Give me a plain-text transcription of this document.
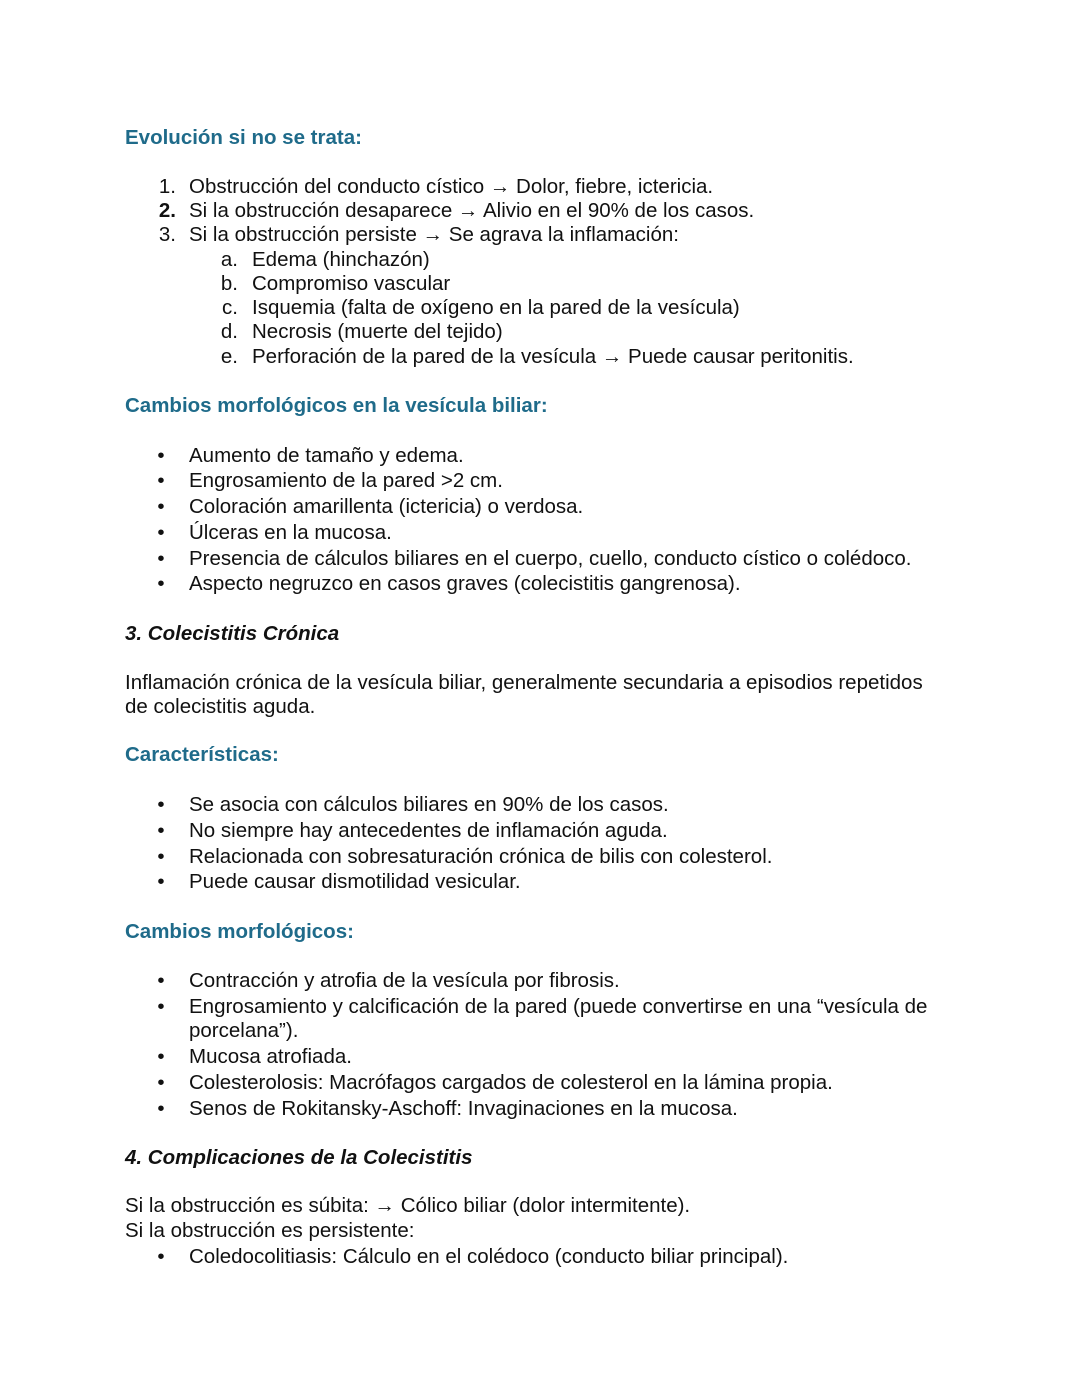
Evolución si no se trata:
1. Obstrucción del conducto cístico → Dolor, fiebre, ictericia.
2. Si la obstrucción desaparece → Alivio en el 90% de los casos.
3. Si la obstrucción persiste → Se agrava la inflamación:
a. Edema (hinchazón)
b. Compromiso vascular
c. Isquemia (falta de oxígeno en la pared de la vesícula)
d. Necrosis (muerte del tejido)
e. Perforación de la pared de la vesícula → Puede causar peritonitis.
Cambios morfológicos en la vesícula biliar:
• Aumento de tamaño y edema.
• Engrosamiento de la pared >2 cm.
• Coloración amarillenta (ictericia) o verdosa.
• Úlceras en la mucosa.
• Presencia de cálculos biliares en el cuerpo, cuello, conducto cístico o colédoco.
• Aspecto negruzco en casos graves (colecistitis gangrenosa).
3. Colecistitis Crónica
Inflamación crónica de la vesícula biliar, generalmente secundaria a episodios repetidos
de colecistitis aguda.
Características:
• Se asocia con cálculos biliares en 90% de los casos.
• No siempre hay antecedentes de inflamación aguda.
• Relacionada con sobresaturación crónica de bilis con colesterol.
• Puede causar dismotilidad vesicular.
Cambios morfológicos:
• Contracción y atrofia de la vesícula por fibrosis.
• Engrosamiento y calcificación de la pared (puede convertirse en una “vesícula de
porcelana”).
• Mucosa atrofiada.
• Colesterolosis: Macrófagos cargados de colesterol en la lámina propia.
• Senos de Rokitansky-Aschoff: Invaginaciones en la mucosa.
4. Complicaciones de la Colecistitis
Si la obstrucción es súbita: → Cólico biliar (dolor intermitente).
Si la obstrucción es persistente:
• Coledocolitiasis: Cálculo en el colédoco (conducto biliar principal).
